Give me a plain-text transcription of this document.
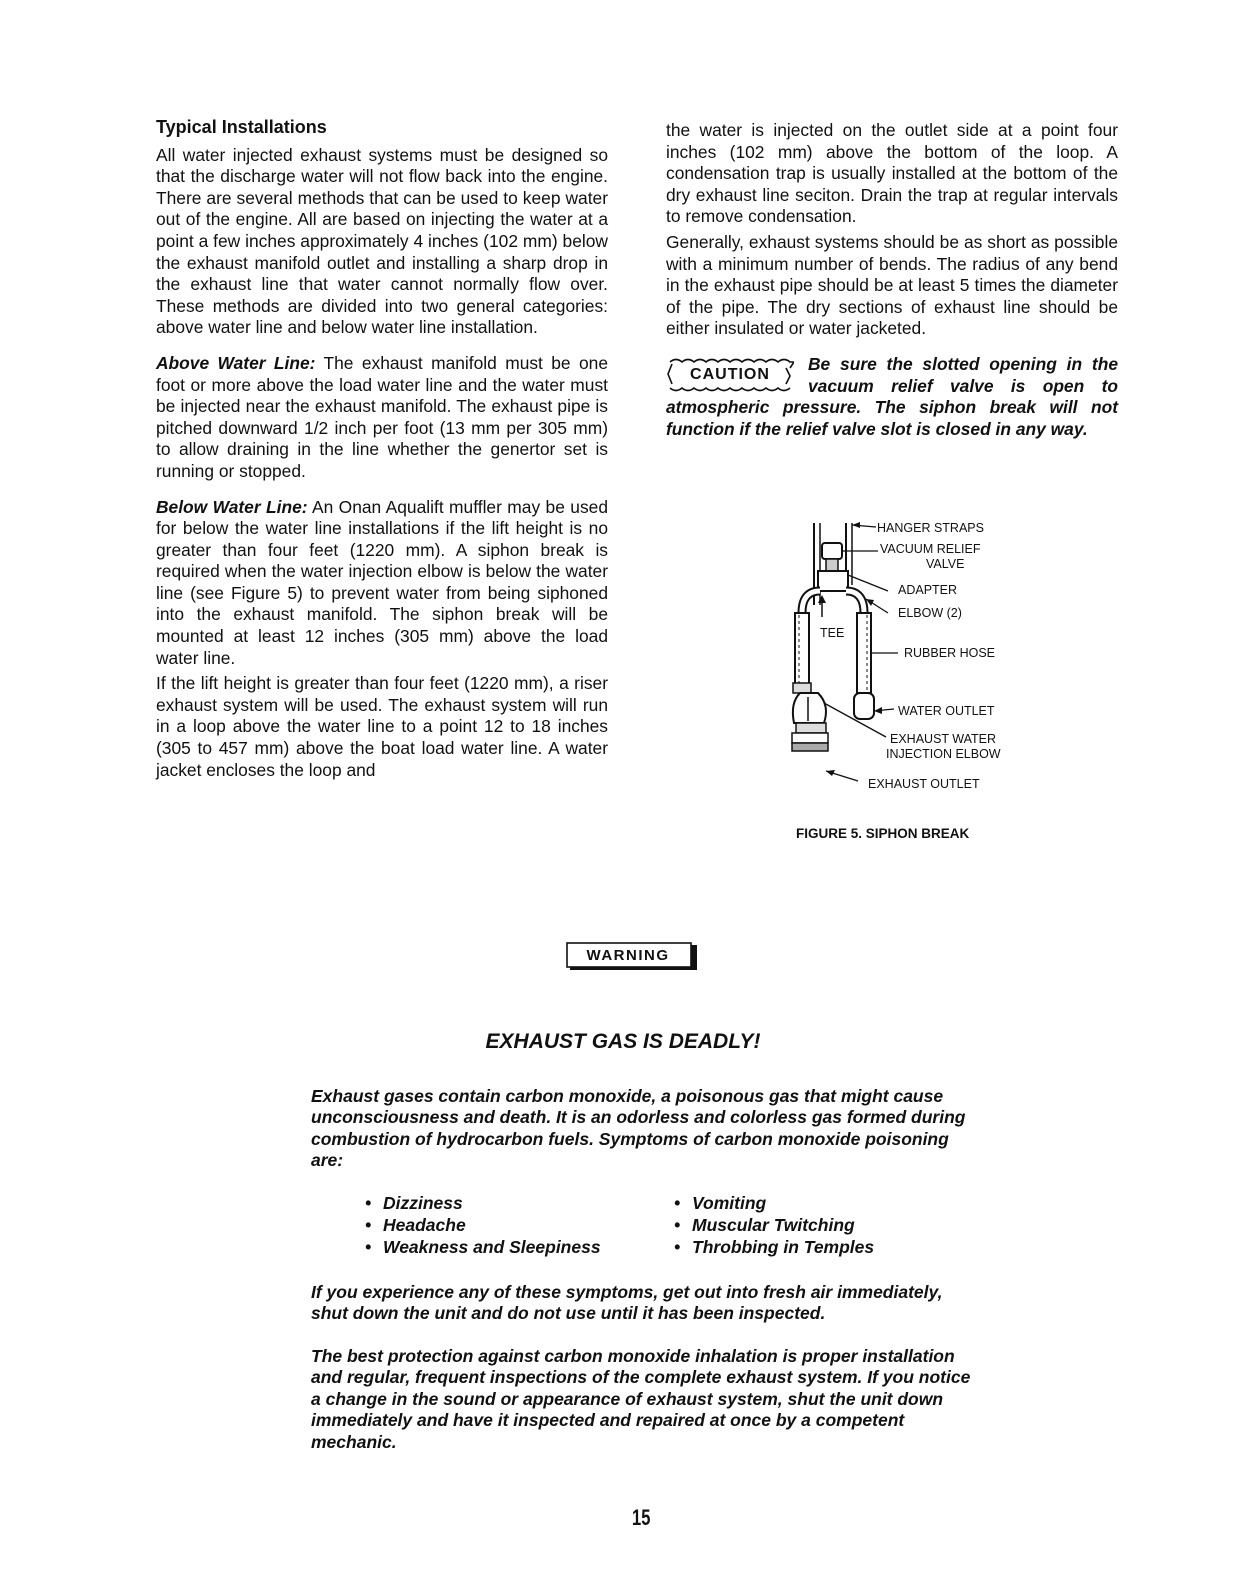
Typical Installations

All water injected exhaust systems must be designed so that the discharge water will not flow back into the engine. There are several methods that can be used to keep water out of the engine. All are based on injecting the water at a point a few inches approximately 4 inches (102 mm) below the exhaust manifold outlet and installing a sharp drop in the exhaust line that water cannot normally flow over. These methods are divided into two general categories: above water line and below water line installation.

Above Water Line: The exhaust manifold must be one foot or more above the load water line and the water must be injected near the exhaust manifold. The exhaust pipe is pitched downward 1/2 inch per foot (13 mm per 305 mm) to allow draining in the line whether the genertor set is running or stopped.

Below Water Line: An Onan Aqualift muffler may be used for below the water line installations if the lift height is no greater than four feet (1220 mm). A siphon break is required when the water injection elbow is below the water line (see Figure 5) to prevent water from being siphoned into the exhaust manifold. The siphon break will be mounted at least 12 inches (305 mm) above the load water line.

If the lift height is greater than four feet (1220 mm), a riser exhaust system will be used. The exhaust system will run in a loop above the water line to a point 12 to 18 inches (305 to 457 mm) above the boat load water line. A water jacket encloses the loop and

the water is injected on the outlet side at a point four inches (102 mm) above the bottom of the loop. A condensation trap is usually installed at the bottom of the dry exhaust line seciton. Drain the trap at regular intervals to remove condensation.

Generally, exhaust systems should be as short as possible with a minimum number of bends. The radius of any bend in the exhaust pipe should be at least 5 times the diameter of the pipe. The dry sections of exhaust line should be either insulated or water jacketed.

CAUTION
Be sure the slotted opening in the vacuum relief valve is open to atmospheric pressure. The siphon break will not function if the relief valve slot is closed in any way.
HANGER STRAPS
VACUUM RELIEF
VALVE
ADAPTER
ELBOW (2)
TEE
RUBBER HOSE
WATER OUTLET
EXHAUST WATER
INJECTION ELBOW
EXHAUST OUTLET
FIGURE 5. SIPHON BREAK
WARNING
EXHAUST GAS IS DEADLY!
Exhaust gases contain carbon monoxide, a poisonous gas that might cause unconsciousness and death. It is an odorless and colorless gas formed during combustion of hydrocarbon fuels. Symptoms of carbon monoxide poisoning are:
• Dizziness
• Headache
• Weakness and Sleepiness
• Vomiting
• Muscular Twitching
• Throbbing in Temples
If you experience any of these symptoms, get out into fresh air immediately, shut down the unit and do not use until it has been inspected.
The best protection against carbon monoxide inhalation is proper installation and regular, frequent inspections of the complete exhaust system. If you notice a change in the sound or appearance of exhaust system, shut the unit down immediately and have it inspected and repaired at once by a competent mechanic.
15
